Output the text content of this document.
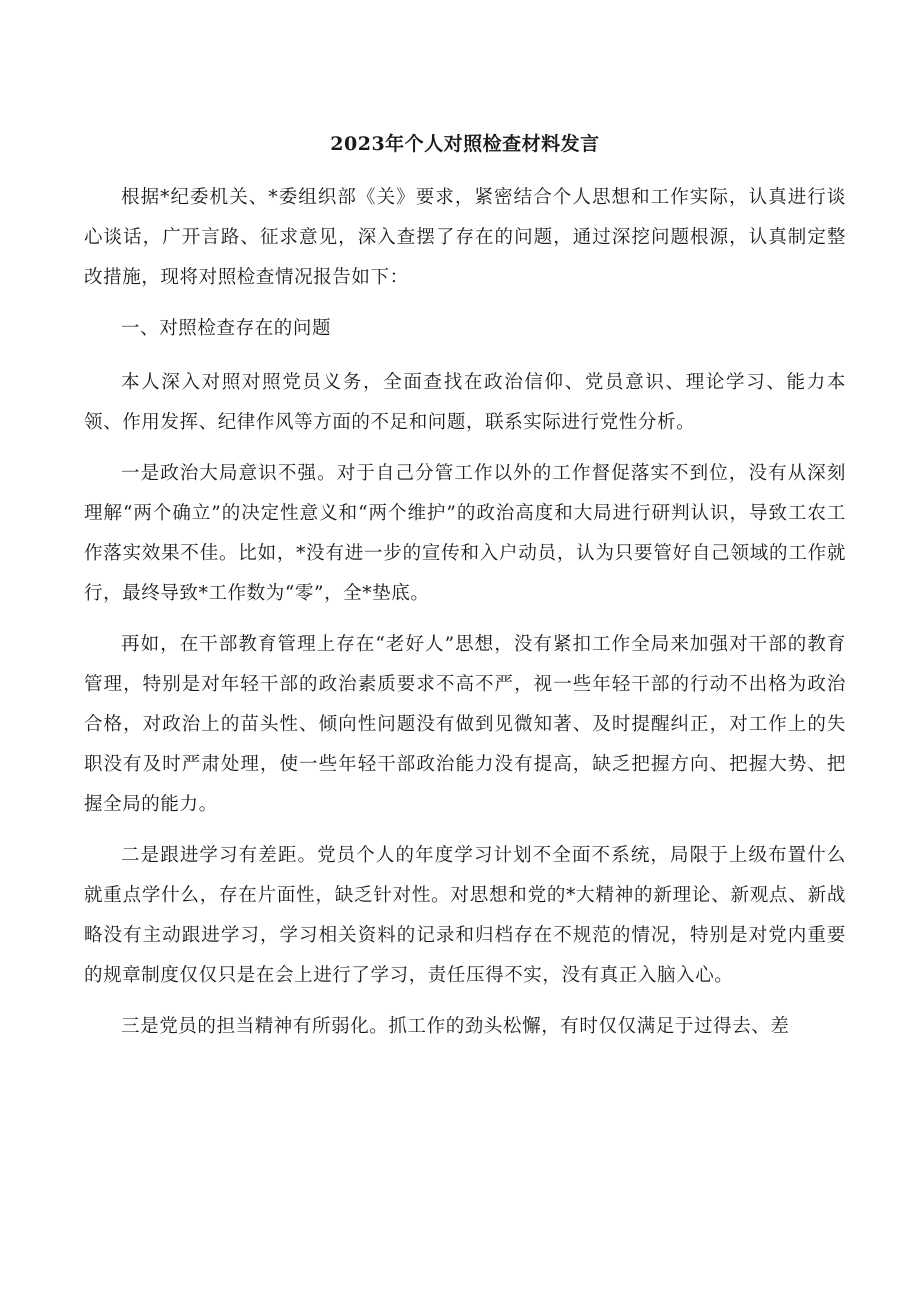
2023年个人对照检查材料发言

根据*纪委机关、*委组织部《关》要求，紧密结合个人思想和工作实际，认真进行谈心谈话，广开言路、征求意见，深入查摆了存在的问题，通过深挖问题根源，认真制定整改措施，现将对照检查情况报告如下：

一、对照检查存在的问题

本人深入对照对照党员义务，全面查找在政治信仰、党员意识、理论学习、能力本领、作用发挥、纪律作风等方面的不足和问题，联系实际进行党性分析。

一是政治大局意识不强。对于自己分管工作以外的工作督促落实不到位，没有从深刻理解“两个确立”的决定性意义和“两个维护”的政治高度和大局进行研判认识，导致工农工作落实效果不佳。比如，*没有进一步的宣传和入户动员，认为只要管好自己领域的工作就行，最终导致*工作数为“零”，全*垫底。

再如，在干部教育管理上存在“老好人”思想，没有紧扣工作全局来加强对干部的教育管理，特别是对年轻干部的政治素质要求不高不严，视一些年轻干部的行动不出格为政治合格，对政治上的苗头性、倾向性问题没有做到见微知著、及时提醒纠正，对工作上的失职没有及时严肃处理，使一些年轻干部政治能力没有提高，缺乏把握方向、把握大势、把握全局的能力。

二是跟进学习有差距。党员个人的年度学习计划不全面不系统，局限于上级布置什么就重点学什么，存在片面性，缺乏针对性。对思想和党的*大精神的新理论、新观点、新战略没有主动跟进学习，学习相关资料的记录和归档存在不规范的情况，特别是对党内重要的规章制度仅仅只是在会上进行了学习，责任压得不实，没有真正入脑入心。

三是党员的担当精神有所弱化。抓工作的劲头松懈，有时仅仅满足于过得去、差
